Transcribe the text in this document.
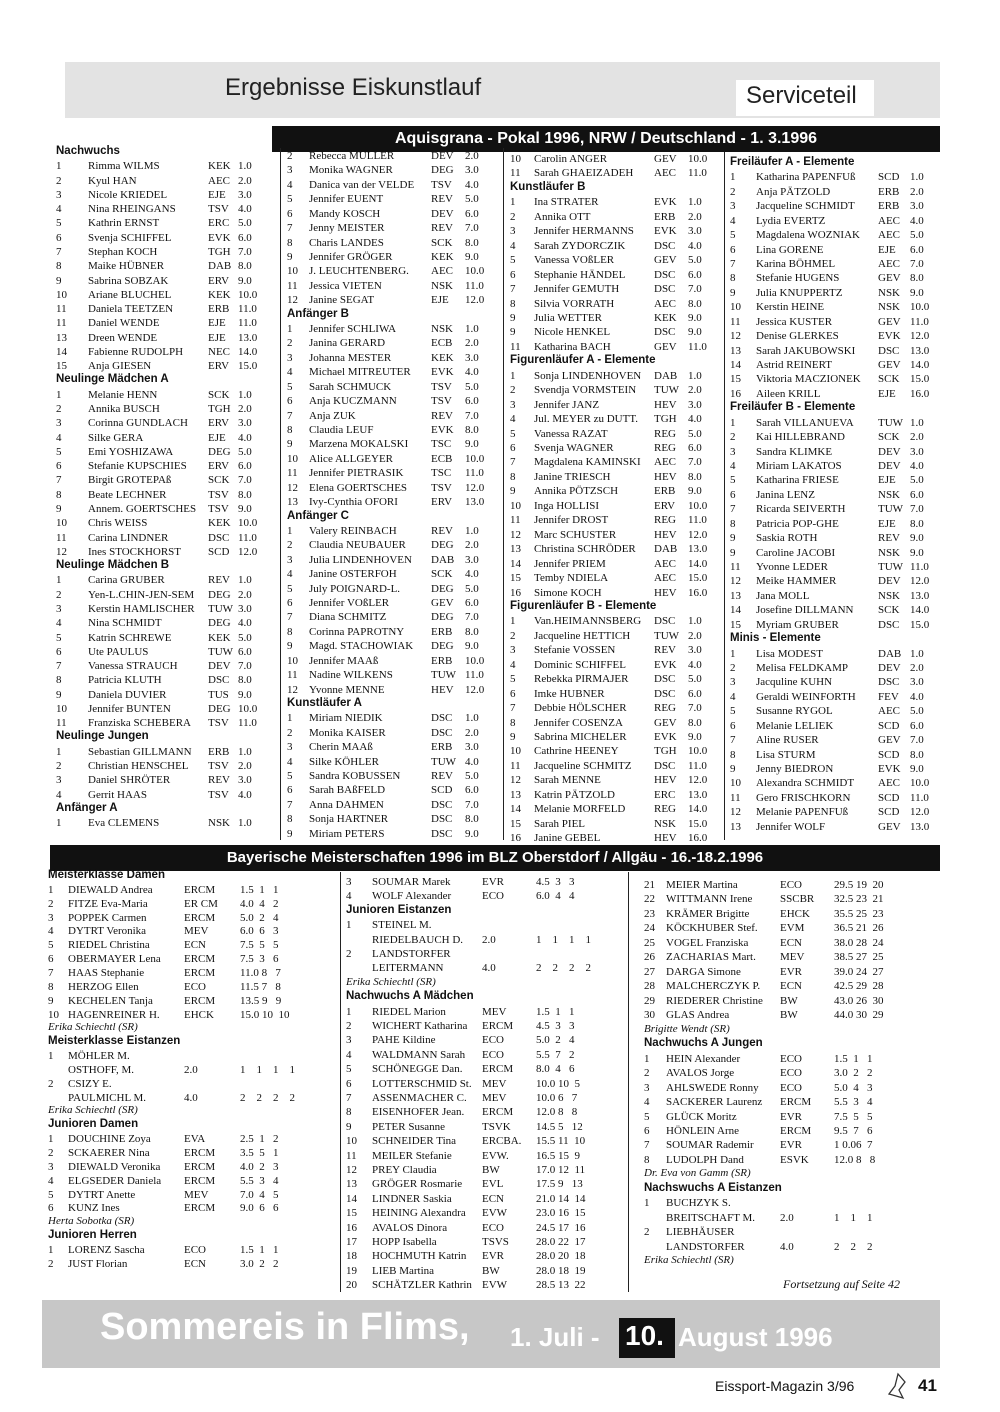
Ergebnisse Eiskunstlauf	Serviceteil
Aquisgrana - Pokal 1996, NRW / Deutschland - 1. 3.1996
Nachwuchs
1 Rimma WILMS	KEK 1.0
2 Kyul HAN	AEC 2.0
3 Nicole KRIEDEL	EJE 3.0
4 Nina RHEINGANS	TSV 4.0
5 Kathrin ERNST	ERC 5.0
6 Svenja SCHIFFEL	EVK 6.0
7 Stephan KOCH	TGH 7.0
8 Maike HÜBNER	DAB 8.0
9 Sabrina SOBZAK	ERV 9.0
10 Ariane BLUCHEL	KEK 10.0
11 Daniela TEETZEN	ERB 11.0
11 Daniel WENDE	EJE 11.0
13 Dreen WENDE	EJE 13.0
14 Fabienne RUDOLPH NEC 14.0
15 Anja GIESEN	ERV 15.0
Neulinge Mädchen A
1 Melanie HENN	SCK 1.0
2 Annika BUSCH	TGH 2.0
3 Corinna GUNDLACH ERV 3.0
4 Silke GERA	EJE 4.0
5 Emi YOSHIZAWA	DEG 5.0
6 Stefanie KUPSCHIES ERV 6.0
7 Birgit GROTEPAß	SCK 7.0
8 Beate LECHNER	TSV 8.0
9 Annem. GOERTSCHES TSV 9.0
10 Chris WEISS	KEK 10.0
11 Carina LINDNER	DSC 11.0
12 Ines STOCKHORST SCD 12.0
Neulinge Mädchen B
1 Carina GRUBER	REV 1.0
2 Yen-L.CHIN-JEN-SEM DEG 2.0
3 Kerstin HAMLISCHER TUW 3.0
4 Nina SCHMIDT	DEG 4.0
5 Katrin SCHREWE	KEK 5.0
6 Ute PAULUS	TUW 6.0
7 Vanessa STRAUCH	DEV 7.0
8 Patricia KLUTH	DSC 8.0
9 Daniela DUVIER	TUS 9.0
10 Jennifer BUNTEN	DEG 10.0
11 Franziska SCHEBERA TSV 11.0
Neulinge Jungen
1 Sebastian GILLMANN ERB 1.0
2 Christian HENSCHEL TSV 2.0
3 Daniel SHRÖTER	REV 3.0
4 Gerrit HAAS	TSV 4.0
Anfänger A
1 Eva CLEMENS	NSK 1.0
2 Rebecca MULLER	DEV 2.0
3 Monika WAGNER	DEG 3.0
4 Danica van der VELDE TSV 4.0
5 Jennifer EUENT	REV 5.0
6 Mandy KOSCH	DEV 6.0
7 Jenny MEISTER	REV 7.0
8 Charis LANDES	SCK 8.0
9 Jennifer GRÖGER	KEK 9.0
10 J. LEUCHTENBERG. AEC 10.0
11 Jessica VIETEN	NSK 11.0
12 Janine SEGAT	EJE 12.0
Anfänger B
1 Jennifer SCHLIWA	NSK 1.0
2 Janina GERARD	ECB 2.0
3 Johanna MESTER	KEK 3.0
4 Michael MITREUTER EVK 4.0
5 Sarah SCHMUCK	TSV 5.0
6 Anja KUCZMANN	TSV 6.0
7 Anja ZUK	REV 7.0
8 Claudia LEUF	EVK 8.0
9 Marzena MOKALSKI TSC 9.0
10 Alice ALLGEYER	ECB 10.0
11 Jennifer PIETRASIK	TSC 11.0
12 Elena GOERTSCHES TSV 12.0
13 Ivy-Cynthia OFORI	ERV 13.0
Anfänger C
1 Valery REINBACH	REV 1.0
2 Claudia NEUBAUER DEG 2.0
3 Julia LINDENHOVEN DAB 3.0
4 Janine OSTERFOH	SCK 4.0
5 July POIGNARD-L.	DEG 5.0
6 Jennifer VOßLER	GEV 6.0
7 Diana SCHMITZ	DEG 7.0
8 Corinna PAPROTNY ERB 8.0
9 Magd. STACHOWIAK DEG 9.0
10 Jennifer MAAß	ERB 10.0
11 Nadine WILKENS	TUW 11.0
12 Yvonne MENNE	HEV 12.0
Kunstläufer A
1 Miriam NIEDIK	DSC 1.0
2 Monika KAISER	DSC 2.0
3 Cherin MAAß	ERB 3.0
4 Silke KÖHLER	TUW 4.0
5 Sandra KOBUSSEN	REV 5.0
6 Sarah BAßFELD	SCD 6.0
7 Anna DAHMEN	DSC 7.0
8 Sonja HARTNER	DSC 8.0
9 Miriam PETERS	DSC 9.0
10 Carolin ANGER	GEV 10.0
11 Sarah GHAEIZADEH AEC 11.0
Kunstläufer B
1 Ina STRATER	EVK 1.0
2 Annika OTT	ERB 2.0
3 Jennifer HERMANNS EVK 3.0
4 Sarah ZYDORCZIK	DSC 4.0
5 Vanessa VOßLER	GEV 5.0
6 Stephanie HÄNDEL	DSC 6.0
7 Jennifer GEMUTH	DSC 7.0
8 Silvia VORRATH	AEC 8.0
9 Julia WETTER	KEK 9.0
9 Nicole HENKEL	DSC 9.0
11 Katharina BACH	GEV 11.0
Figurenläufer A - Elemente
1 Sonja LINDENHOVEN DAB 1.0
2 Svendja VORMSTEIN TUW 2.0
3 Jennifer JANZ	HEV 3.0
4 Jul. MEYER zu DUTT. TGH 4.0
5 Vanessa RAZAT	REG 5.0
6 Svenja WAGNER	REG 6.0
7 Magdalena KAMINSKI AEC 7.0
8 Janine TRIESCH	HEV 8.0
9 Annika PÖTZSCH	ERB 9.0
10 Inga HOLLISI	ERV 10.0
11 Jennifer DROST	REG 11.0
12 Marc SCHUSTER	HEV 12.0
13 Christina SCHRÖDER DAB 13.0
14 Jennifer PRIEM	AEC 14.0
15 Temby NDIELA	AEC 15.0
16 Simone KOCH	HEV 16.0
Figurenläufer B - Elemente
1 Van.HEIMANNSBERG DSC 1.0
2 Jacqueline HETTICH TUW 2.0
3 Stefanie VOSSEN	REV 3.0
4 Dominic SCHIFFEL	EVK 4.0
5 Rebekka PIRMAJER DSC 5.0
6 Imke HUBNER	DSC 6.0
7 Debbie HÖLSCHER REG 7.0
8 Jennifer COSENZA	GEV 8.0
9 Sabrina MICHELER EVK 9.0
10 Cathrine HEENEY	TGH 10.0
11 Jacqueline SCHMITZ DSC 11.0
12 Sarah MENNE	HEV 12.0
13 Katrin PÄTZOLD	ERC 13.0
14 Melanie MORFELD	REG 14.0
15 Sarah PIEL	NSK 15.0
16 Janine GEBEL	HEV 16.0
Freiläufer A - Elemente
1 Katharina PAPENFUß SCD 1.0
2 Anja PÄTZOLD	ERB 2.0
3 Jacqueline SCHMIDT ERB 3.0
4 Lydia EVERTZ	AEC 4.0
5 Magdalena WOZNIAK AEC 5.0
6 Lina GORENE	EJE 6.0
7 Karina BÖHMEL	AEC 7.0
8 Stefanie HUGENS	GEV 8.0
9 Julia KNUPPERTZ	NSK 9.0
10 Kerstin HEINE	NSK 10.0
11 Jessica KUSTER	GEV 11.0
12 Denise GLERKES	EVK 12.0
13 Sarah JAKUBOWSKI DSC 13.0
14 Astrid REINERT	GEV 14.0
15 Viktoria MACZIONEK SCK 15.0
16 Aileen KRILL	EJE 16.0
Freiläufer B - Elemente
1 Sarah VILLANUEVA TUW 1.0
2 Kai HILLEBRAND	SCK 2.0
3 Sandra KLIMKE	DEV 3.0
4 Miriam LAKATOS	DEV 4.0
5 Katharina FRIESE	EJE 5.0
6 Janina LENZ	NSK 6.0
7 Ricarda SEIVERTH	TUW 7.0
8 Patricia POP-GHE	EJE 8.0
9 Saskia ROTH	REV 9.0
9 Caroline JACOBI	NSK 9.0
11 Yvonne LEDER	TUW 11.0
12 Meike HAMMER	DEV 12.0
13 Jana MOLL	NSK 13.0
14 Josefine DILLMANN SCK 14.0
15 Myriam GRUBER	DSC 15.0
Minis - Elemente
1 Lisa MODEST	DAB 1.0
2 Melisa FELDKAMP	DEV 2.0
3 Jacquline KUHN	DSC 3.0
4 Geraldi WEINFORTH FEV 4.0
5 Susanne RYGOL	AEC 5.0
6 Melanie LELIEK	SCD 6.0
7 Aline RUSER	GEV 7.0
8 Lisa STURM	SCD 8.0
9 Jenny BIEDRON	EVK 9.0
10 Alexandra SCHMIDT AEC 10.0
11 Gero FRISCHKORN	SCD 11.0
12 Melanie PAPENFUß	SCD 12.0
13 Jennifer WOLF	GEV 13.0
Bayerische Meisterschaften 1996 im BLZ Oberstdorf / Allgäu - 16.-18.2.1996
Meisterklasse Damen
1 DIEWALD Andrea	ERCM 1.5  1   1
2 FITZE Eva-Maria	ER CM 4.0  4   2
3 POPPEK Carmen	ERCM 5.0  2   4
4 DYTRT Veronika	MEV	6.0  6   3
5 RIEDEL Christina	ECN	7.5  5   5
6 OBERMAYER Lena ERCM 7.5  3   6
7 HAAS Stephanie	ERCM 11.0 8   7
8 HERZOG Ellen	ECO	11.5 7   8
9 KECHELEN Tanja	ERCM 13.5 9   9
10 HAGENREINER H. EHCK 15.0 10  10
Erika Schiechtl (SR)
Meisterklasse Eistanzen
1 MÖHLER M.
OSTHOFF, M.	2.0	1    1    1    1
2 CSIZY E.
PAULMICHL M.	4.0	2    2    2    2
Erika Schiechtl (SR)
Junioren Damen
1 DOUCHINE Zoya	EVA	2.5  1   2
2 SCKAERER Nina	ERCM 3.5  5   1
3 DIEWALD Veronika ERCM 4.0  2   3
4 ELGSEDER Daniela ERCM 5.5  3   4
5 DYTRT Anette	MEV	7.0  4   5
6 KUNZ Ines	ERCM 9.0  6   6
Herta Sobotka (SR)
Junioren Herren
1 LORENZ Sascha	ECO	1.5  1   1
2 JUST Florian	ECN	3.0  2   2
3 SOUMAR Marek	EVR	4.5  3   3
4 WOLF Alexander	ECO	6.0  4   4
Junioren Eistanzen
1 STEINEL M.
RIEDELBAUCH D. 2.0	1    1    1    1
2 LANDSTORFER
LEITERMANN	4.0	2    2    2    2
Erika Schiechtl (SR)
Nachwuchs A Mädchen
1 RIEDEL Marion	MEV	1.5  1   1
2 WICHERT Katharina ERCM 4.5  3   3
3 PAHE Kildine	ECO	5.0  2   4
4 WALDMANN Sarah ECO	5.5  7   2
5 SCHÖNEGGE Dan. ERCM 8.0  4   6
6 LOTTERSCHMID St. MEV	10.0 10  5
7 ASSENMACHER C. MEV	10.0 6   7
8 EISENHOFER Jean. ERCM 12.0 8   8
9 PETER Susanne	TSVK 14.5 5   12
10 SCHNEIDER Tina ERCBA. 15.5 11  10
11 MEILER Stefanie	EVW. 16.5 15  9
12 PREY Claudia	BW	17.0 12  11
13 GRÖGER Rosmarie EVL	17.5 9   13
14 LINDNER Saskia	ECN	21.0 14  14
15 HEINING Alexandra EVW	23.0 16  15
16 AVALOS Dinora	ECO	24.5 17  16
17 HOPP Isabella	TSVS 28.0 22  17
18 HOCHMUTH Katrin EVR	28.0 20  18
19 LIEB Martina	BW	28.0 18  19
20 SCHÄTZLER Kathrin EVW	28.5 13  22
21 MEIER Martina	ECO	29.5 19  20
22 WITTMANN Irene	SSCBR 32.5 23  21
23 KRÄMER Brigitte	EHCK 35.5 25  23
24 KÖCKHUBER Stef. EVM	36.5 21  26
25 VOGEL Franziska	ECN	38.0 28  24
26 ZACHARIAS Mart. MEV	38.5 27  25
27 DARGA Simone	EVR	39.0 24  27
28 MALCHERCZYK P. ECN	42.5 29  28
29 RIEDERER Christine BW	43.0 26  30
30 GLAS Andrea	BW	44.0 30  29
Brigitte Wendt (SR)
Nachwuchs A Jungen
1 HEIN Alexander	ECO	1.5  1   1
2 AVALOS Jorge	ECO	3.0  2   2
3 AHLSWEDE Ronny ECO	5.0  4   3
4 SACKERER Laurenz ERCM 5.5  3   4
5 GLÜCK Moritz	EVR	7.5  5   5
6 HÖNLEIN Arne	ERCM 9.5  7   6
7 SOUMAR Rademir EVR	1 0.06  7
8 LUDOLPH Dand	ESVK 12.0 8   8
Dr. Eva von Gamm (SR)
Nachswuchs A Eistanzen
1 BUCHZYK S.
BREITSCHAFT M. 2.0	1    1    1
2 LIEBHÄUSER
LANDSTORFER	4.0	2    2    2
Erika Schiechtl (SR)
Fortsetzung auf Seite 42
Sommereis in Flims, 1. Juli - 10. August 1996
Eissport-Magazin 3/96	41
